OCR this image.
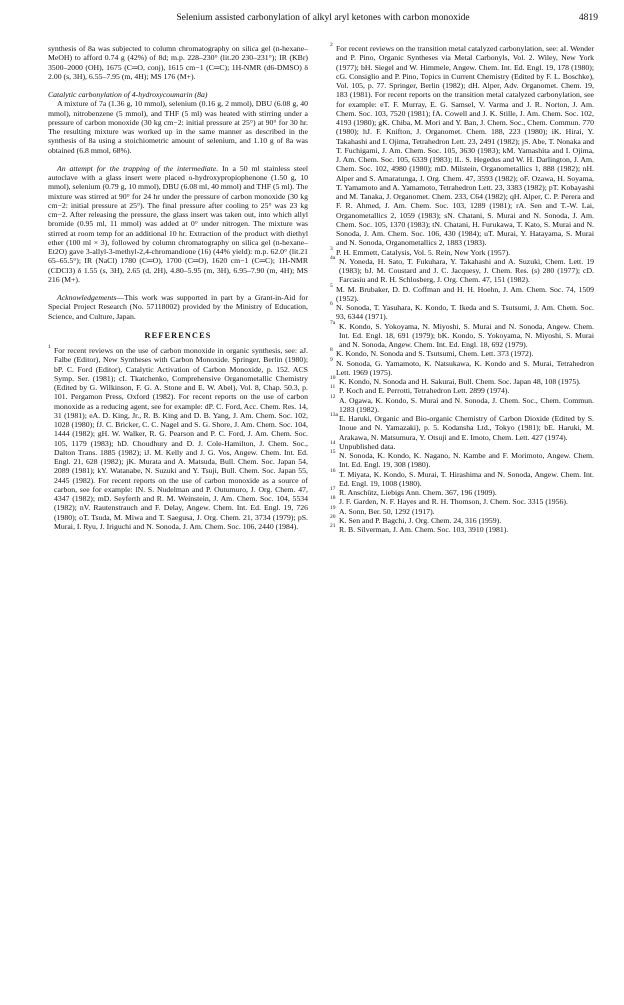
Selenium assisted carbonylation of alkyl aryl ketones with carbon monoxide	4819

synthesis of 8a was subjected to column chromatography on silica gel (n-hexane–MeOH) to afford 0.74 g (42%) of 8d; m.p. 228–230° (lit.20 230–231°); IR (KBr) 3500–2000 (OH), 1675 (C═O, conj), 1615 cm−1 (C═C); 1H-NMR (d6-DMSO) δ 2.00 (s, 3H), 6.55–7.95 (m, 4H); MS 176 (M+).

Catalytic carbonylation of 4-hydroxycoumarin (8a)

A mixture of 7a (1.36 g, 10 mmol), selenium (0.16 g, 2 mmol), DBU (6.08 g, 40 mmol), nitrobenzene (5 mmol), and THF (5 ml) was heated with stirring under a pressure of carbon monoxide (30 kg cm−2: initial pressure at 25°) at 90° for 30 hr. The resulting mixture was worked up in the same manner as described in the synthesis of 8a using a stoichiometric amount of selenium, and 1.10 g of 8a was obtained (6.8 mmol, 68%).

An attempt for the trapping of the intermediate. In a 50 ml stainless steel autoclave with a glass insert were placed o-hydroxypropiophenone (1.50 g, 10 mmol), selenium (0.79 g, 10 mmol), DBU (6.08 ml, 40 mmol) and THF (5 ml). The mixture was stirred at 90° for 24 hr under the pressure of carbon monoxide (30 kg cm−2: initial pressure at 25°). The final pressure after cooling to 25° was 23 kg cm−2. After releasing the pressure, the glass insert was taken out, into which allyl bromide (0.95 ml, 11 mmol) was added at 0° under nitrogen. The mixture was stirred at room temp for an additional 10 hr. Extraction of the product with diethyl ether (100 ml × 3), followed by column chromatography on silica gel (n-hexane–Et2O) gave 3-allyl-3-methyl-2,4-chromandione (16) (44% yield): m.p. 62.0° (lit.21 65–65.5°); IR (NaCl) 1780 (C═O), 1700 (C═O), 1620 cm−1 (C═C); 1H-NMR (CDCl3) δ 1.55 (s, 3H), 2.65 (d, 2H), 4.80–5.95 (m, 3H), 6.95–7.90 (m, 4H); MS 216 (M+).

Acknowledgements—This work was supported in part by a Grant-in-Aid for Special Project Research (No. 57118002) provided by the Ministry of Education, Science, and Culture, Japan.

REFERENCES

1 For recent reviews on the use of carbon monoxide in organic synthesis, see: aJ. Falbe (Editor), New Syntheses with Carbon Monoxide. Springer, Berlin (1980); bP. C. Ford (Editor), Catalytic Activation of Carbon Monoxide, p. 152. ACS Symp. Ser. (1981); cI. Tkatchenko, Comprehensive Organometallic Chemistry (Edited by G. Wilkinson, F. G. A. Stone and E. W. Abel), Vol. 8, Chap. 50.3, p. 101. Pergamon Press, Oxford (1982). For recent reports on the use of carbon monoxide as a reducing agent, see for example: dP. C. Ford, Acc. Chem. Res. 14, 31 (1981); eA. D. King, Jr., R. B. King and D. B. Yang, J. Am. Chem. Soc. 102, 1028 (1980); fJ. C. Bricker, C. C. Nagel and S. G. Shore, J. Am. Chem. Soc. 104, 1444 (1982); gH. W. Walker, R. G. Pearson and P. C. Ford, J. Am. Chem. Soc. 105, 1179 (1983); hD. Choudhury and D. J. Cole-Hamilton, J. Chem. Soc., Dalton Trans. 1885 (1982); iJ. M. Kelly and J. G. Vos, Angew. Chem. Int. Ed. Engl. 21, 628 (1982); jK. Murata and A. Matsuda, Bull. Chem. Soc. Japan 54, 2089 (1981); kY. Watanabe, N. Suzuki and Y. Tsuji, Bull. Chem. Soc. Japan 55, 2445 (1982). For recent reports on the use of carbon monoxide as a source of carbon, see for example: lN. S. Nudelman and P. Outumuro, J. Org. Chem. 47, 4347 (1982); mD. Seyferth and R. M. Weinstein, J. Am. Chem. Soc. 104, 5534 (1982); nV. Rautenstrauch and F. Delay, Angew. Chem. Int. Ed. Engl. 19, 726 (1980); oT. Tsuda, M. Miwa and T. Saegusa, J. Org. Chem. 21, 3734 (1979); pS. Murai, I. Ryu, J. Iriguchi and N. Sonoda, J. Am. Chem. Soc. 106, 2440 (1984).

2 For recent reviews on the transition metal catalyzed carbonylation, see: aI. Wender and P. Pino, Organic Syntheses via Metal Carbonyls, Vol. 2. Wiley, New York (1977); bH. Siegel and W. Himmele, Angew. Chem. Int. Ed. Engl. 19, 178 (1980); cG. Consiglio and P. Pino, Topics in Current Chemistry (Edited by F. L. Boschke), Vol. 105, p. 77. Springer, Berlin (1982); dH. Alper, Adv. Organomet. Chem. 19, 183 (1981). For recent reports on the transition metal catalyzed carbonylation, see for example: eT. F. Murray, E. G. Samsel, V. Varma and J. R. Norton, J. Am. Chem. Soc. 103, 7520 (1981); fA. Cowell and J. K. Stille, J. Am. Chem. Soc. 102, 4193 (1980); gK. Chiba, M. Mori and Y. Ban, J. Chem. Soc., Chem. Commun. 770 (1980); hJ. F. Knifton, J. Organomet. Chem. 188, 223 (1980); iK. Hirai, Y. Takahashi and I. Ojima, Tetrahedron Lett. 23, 2491 (1982); jS. Abe, T. Nonaka and T. Fuchigami, J. Am. Chem. Soc. 105, 3630 (1983); kM. Yamashita and I. Ojima, J. Am. Chem. Soc. 105, 6339 (1983); lL. S. Hegedus and W. H. Darlington, J. Am. Chem. Soc. 102, 4980 (1980); mD. Milstein, Organometallics 1, 888 (1982); nH. Alper and S. Amaratunga, J. Org. Chem. 47, 3593 (1982); oF. Ozawa, H. Soyama, T. Yamamoto and A. Yamamoto, Tetrahedron Lett. 23, 3383 (1982); pT. Kobayashi and M. Tanaka, J. Organomet. Chem. 233, C64 (1982); qH. Alper, C. P. Perera and F. R. Ahmed, J. Am. Chem. Soc. 103, 1289 (1981); rA. Sen and T.-W. Lai, Organometallics 2, 1059 (1983); sN. Chatani, S. Murai and N. Sonoda, J. Am. Chem. Soc. 105, 1370 (1983); tN. Chatani, H. Furukawa, T. Kato, S. Murai and N. Sonoda, J. Am. Chem. Soc. 106, 430 (1984); uT. Murai, Y. Hatayama, S. Murai and N. Sonoda, Organometallics 2, 1883 (1983).

3 P. H. Emmett, Catalysis, Vol. 5. Rein, New York (1957).

4a N. Yoneda, H. Sato, T. Fukuhara, Y. Takahashi and A. Suzuki, Chem. Lett. 19 (1983); bJ. M. Coustard and J. C. Jacquesy, J. Chem. Res. (s) 280 (1977); cD. Farcasiu and R. H. Schlosberg, J. Org. Chem. 47, 151 (1982).

5 M. M. Brubaker, D. D. Coffman and H. H. Hoehn, J. Am. Chem. Soc. 74, 1509 (1952).

6 N. Sonoda, T. Yasuhara, K. Kondo, T. Ikeda and S. Tsutsumi, J. Am. Chem. Soc. 93, 6344 (1971).

7a K. Kondo, S. Yokoyama, N. Miyoshi, S. Murai and N. Sonoda, Angew. Chem. Int. Ed. Engl. 18, 691 (1979); bK. Kondo, S. Yokoyama, N. Miyoshi, S. Murai and N. Sonoda, Angew. Chem. Int. Ed. Engl. 18, 692 (1979).

8 K. Kondo, N. Sonoda and S. Tsutsumi, Chem. Lett. 373 (1972).

9 N. Sonoda, G. Yamamoto, K. Natsukawa, K. Kondo and S. Murai, Tetrahedron Lett. 1969 (1975).

10 K. Kondo, N. Sonoda and H. Sakurai, Bull. Chem. Soc. Japan 48, 108 (1975).

11 P. Koch and E. Perrotti, Tetrahedron Lett. 2899 (1974).

12 A. Ogawa, K. Kondo, S. Murai and N. Sonoda, J. Chem. Soc., Chem. Commun. 1283 (1982).

13a E. Haruki, Organic and Bio-organic Chemistry of Carbon Dioxide (Edited by S. Inoue and N. Yamazaki), p. 5. Kodansha Ltd., Tokyo (1981); bE. Haruki, M. Arakawa, N. Matsumura, Y. Otsuji and E. Imoto, Chem. Lett. 427 (1974).

14 Unpublished data.

15 N. Sonoda, K. Kondo, K. Nagano, N. Kambe and F. Morimoto, Angew. Chem. Int. Ed. Engl. 19, 308 (1980).

16 T. Miyata, K. Kondo, S. Murai, T. Hirashima and N. Sonoda, Angew. Chem. Int. Ed. Engl. 19, 1008 (1980).

17 R. Anschütz, Liebigs Ann. Chem. 367, 196 (1909).

18 J. F. Garden, N. F. Hayes and R. H. Thomson, J. Chem. Soc. 3315 (1956).

19 A. Sonn, Ber. 50, 1292 (1917).

20 K. Sen and P. Bagchi, J. Org. Chem. 24, 316 (1959).

21 R. B. Silverman, J. Am. Chem. Soc. 103, 3910 (1981).
